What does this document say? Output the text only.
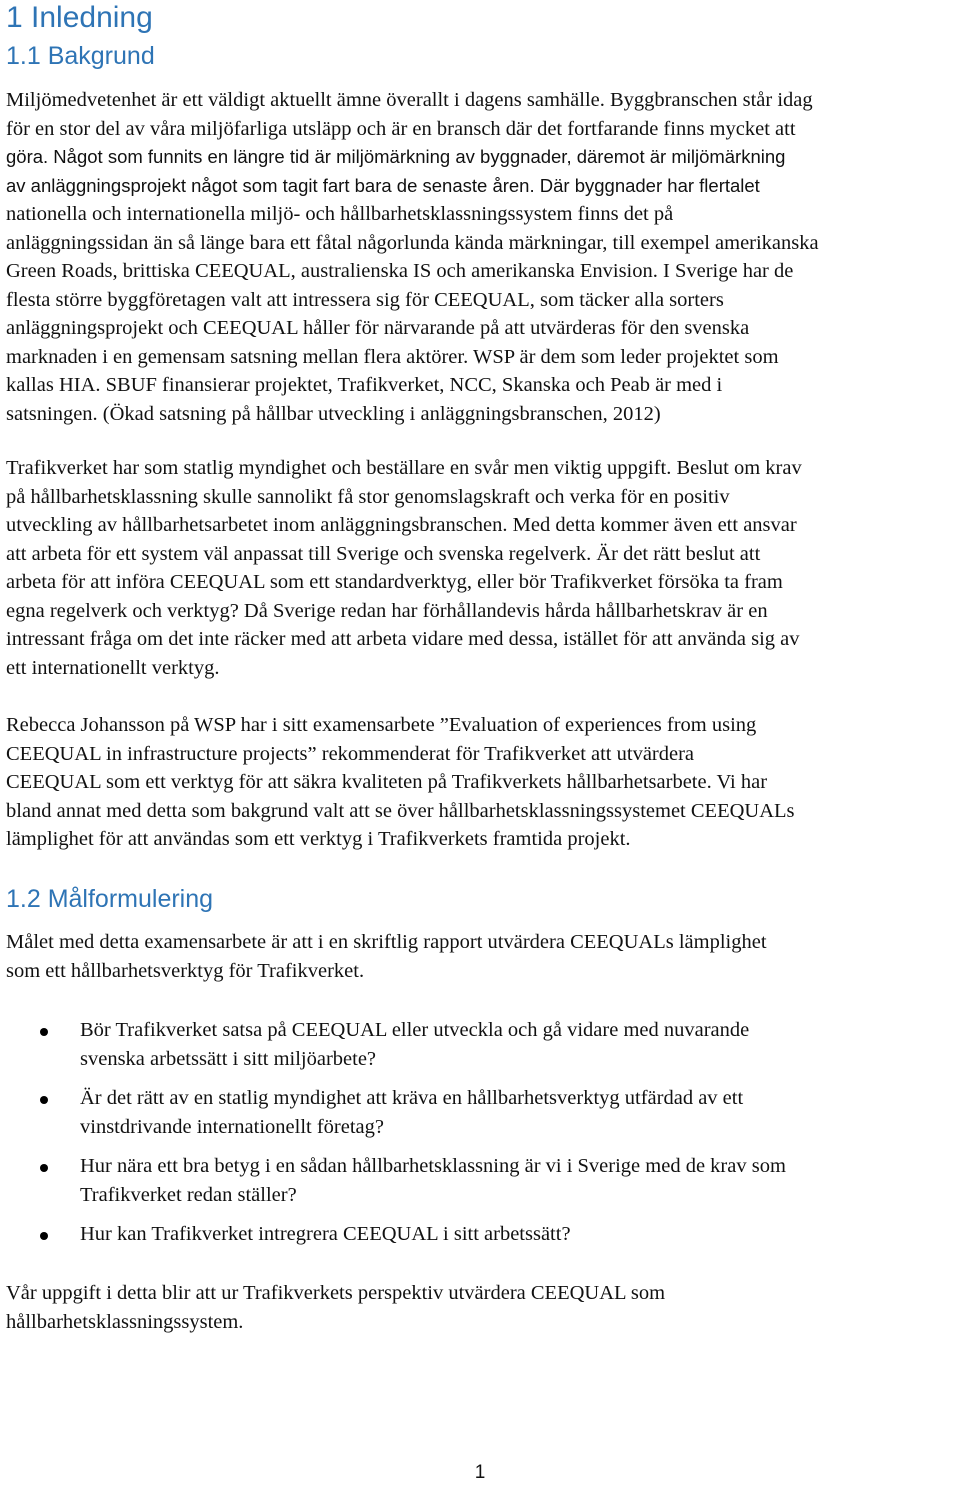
1 Inledning
1.1 Bakgrund
Miljömedvetenhet är ett väldigt aktuellt ämne överallt i dagens samhälle. Byggbranschen står idag
för en stor del av våra miljöfarliga utsläpp och är en bransch där det fortfarande finns mycket att
göra. Något som funnits en längre tid är miljömärkning av byggnader, däremot är miljömärkning
av anläggningsprojekt något som tagit fart bara de senaste åren. Där byggnader har flertalet
nationella och internationella miljö- och hållbarhetsklassningssystem finns det på
anläggningssidan än så länge bara ett fåtal någorlunda kända märkningar, till exempel amerikanska
Green Roads, brittiska CEEQUAL, australienska IS och amerikanska Envision. I Sverige har de
flesta större byggföretagen valt att intressera sig för CEEQUAL, som täcker alla sorters
anläggningsprojekt och CEEQUAL håller för närvarande på att utvärderas för den svenska
marknaden i en gemensam satsning mellan flera aktörer. WSP är dem som leder projektet som
kallas HIA. SBUF finansierar projektet, Trafikverket, NCC, Skanska och Peab är med i
satsningen. (Ökad satsning på hållbar utveckling i anläggningsbranschen, 2012)
Trafikverket har som statlig myndighet och beställare en svår men viktig uppgift. Beslut om krav
på hållbarhetsklassning skulle sannolikt få stor genomslagskraft och verka för en positiv
utveckling av hållbarhetsarbetet inom anläggningsbranschen. Med detta kommer även ett ansvar
att arbeta för ett system väl anpassat till Sverige och svenska regelverk. Är det rätt beslut att
arbeta för att införa CEEQUAL som ett standardverktyg, eller bör Trafikverket försöka ta fram
egna regelverk och verktyg? Då Sverige redan har förhållandevis hårda hållbarhetskrav är en
intressant fråga om det inte räcker med att arbeta vidare med dessa, istället för att använda sig av
ett internationellt verktyg.
Rebecca Johansson på WSP har i sitt examensarbete ”Evaluation of experiences from using
CEEQUAL in infrastructure projects” rekommenderat för Trafikverket att utvärdera
CEEQUAL som ett verktyg för att säkra kvaliteten på Trafikverkets hållbarhetsarbete. Vi har
bland annat med detta som bakgrund valt att se över hållbarhetsklassningssystemet CEEQUALs
lämplighet för att användas som ett verktyg i Trafikverkets framtida projekt.
1.2 Målformulering
Målet med detta examensarbete är att i en skriftlig rapport utvärdera CEEQUALs lämplighet
som ett hållbarhetsverktyg för Trafikverket.
Bör Trafikverket satsa på CEEQUAL eller utveckla och gå vidare med nuvarande
svenska arbetssätt i sitt miljöarbete?
Är det rätt av en statlig myndighet att kräva en hållbarhetsverktyg utfärdad av ett
vinstdrivande internationellt företag?
Hur nära ett bra betyg i en sådan hållbarhetsklassning är vi i Sverige med de krav som
Trafikverket redan ställer?
Hur kan Trafikverket intregrera CEEQUAL i sitt arbetssätt?
Vår uppgift i detta blir att ur Trafikverkets perspektiv utvärdera CEEQUAL som
hållbarhetsklassningssystem.
1
